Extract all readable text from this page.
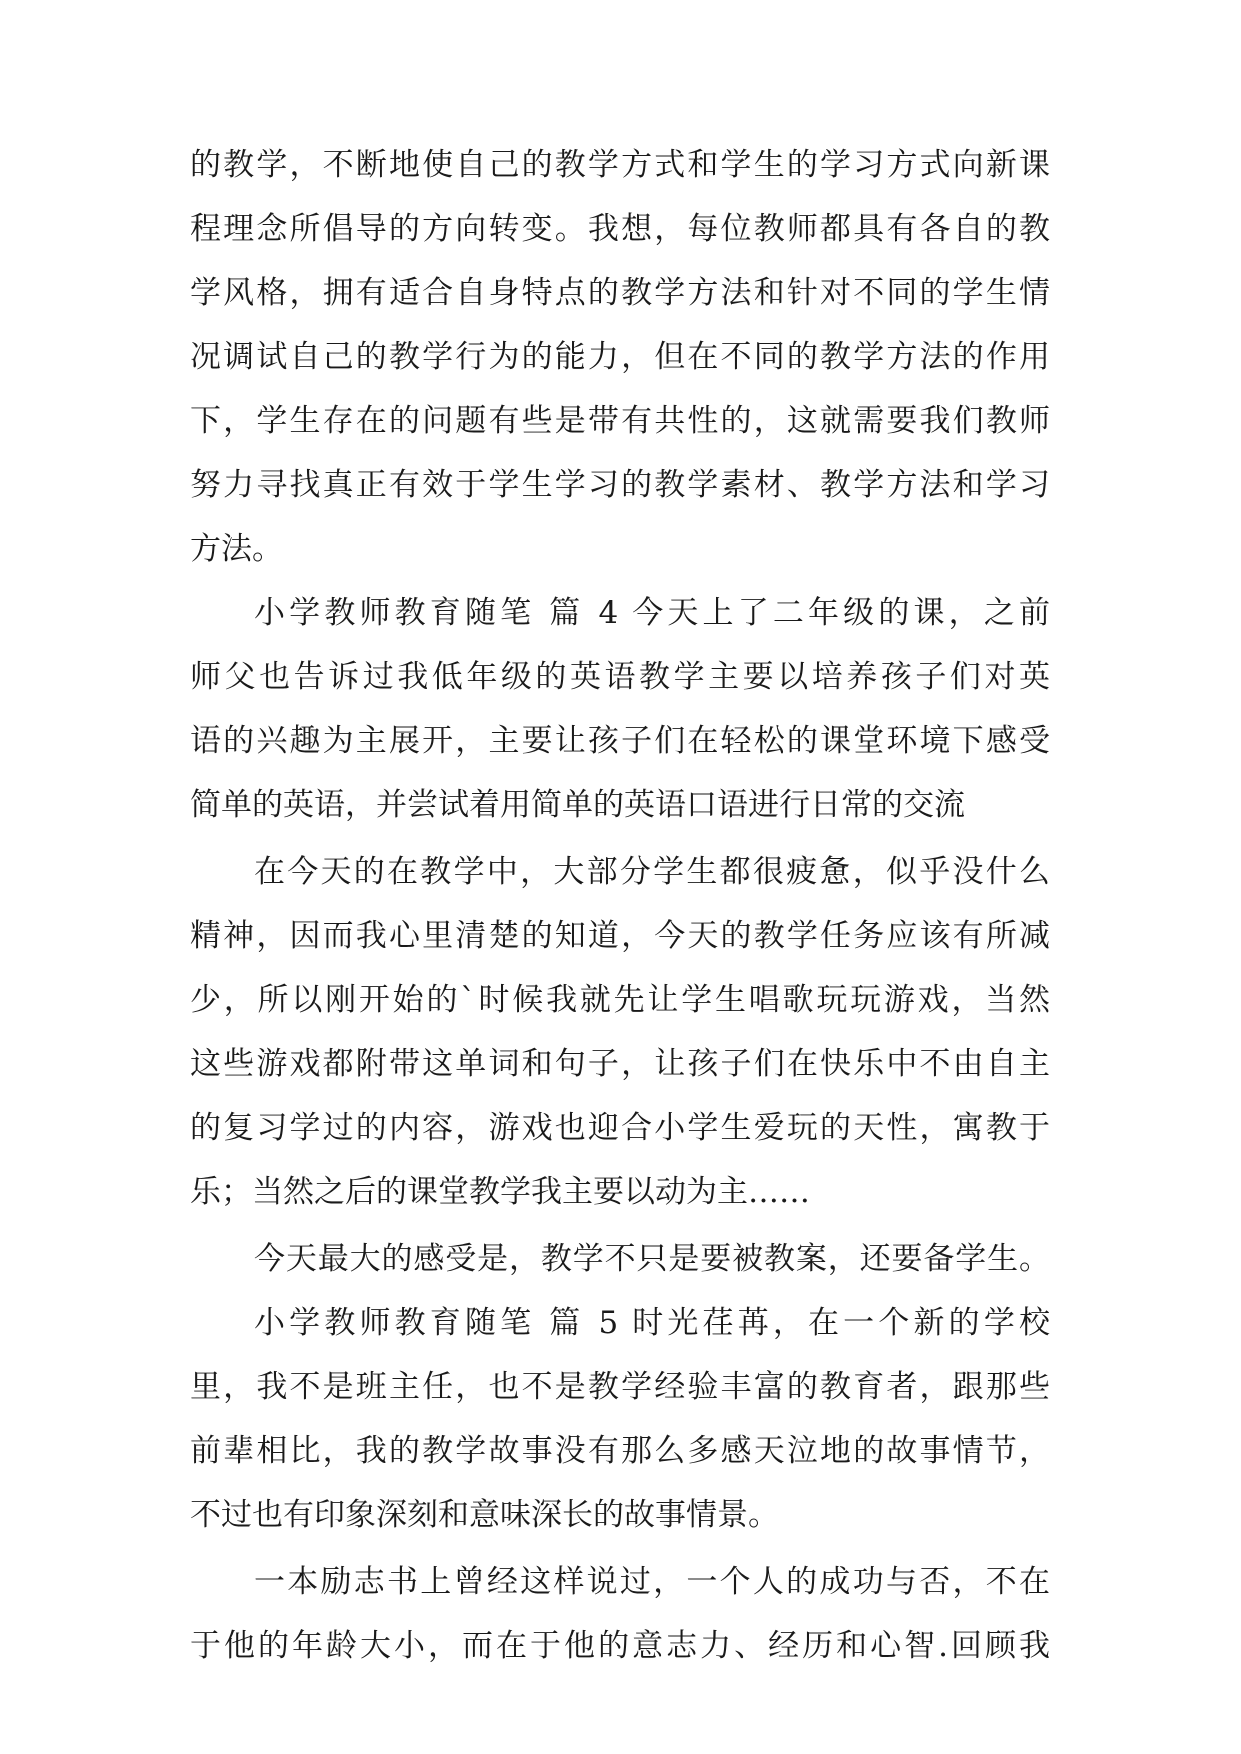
的教学，不断地使自己的教学方式和学生的学习方式向新课
程理念所倡导的方向转变。我想，每位教师都具有各自的教
学风格，拥有适合自身特点的教学方法和针对不同的学生情
况调试自己的教学行为的能力，但在不同的教学方法的作用
下，学生存在的问题有些是带有共性的，这就需要我们教师
努力寻找真正有效于学生学习的教学素材、教学方法和学习
方法。
小学教师教育随笔 篇 4 今天上了二年级的课，之前
师父也告诉过我低年级的英语教学主要以培养孩子们对英
语的兴趣为主展开，主要让孩子们在轻松的课堂环境下感受
简单的英语，并尝试着用简单的英语口语进行日常的交流
在今天的在教学中，大部分学生都很疲惫，似乎没什么
精神，因而我心里清楚的知道，今天的教学任务应该有所减
少，所以刚开始的`时候我就先让学生唱歌玩玩游戏，当然
这些游戏都附带这单词和句子，让孩子们在快乐中不由自主
的复习学过的内容，游戏也迎合小学生爱玩的天性，寓教于
乐；当然之后的课堂教学我主要以动为主……
今天最大的感受是，教学不只是要被教案，还要备学生。
小学教师教育随笔 篇 5 时光荏苒，在一个新的学校
里，我不是班主任，也不是教学经验丰富的教育者，跟那些
前辈相比，我的教学故事没有那么多感天泣地的故事情节，
不过也有印象深刻和意味深长的故事情景。
一本励志书上曾经这样说过，一个人的成功与否，不在
于他的年龄大小，而在于他的意志力、经历和心智.回顾我
